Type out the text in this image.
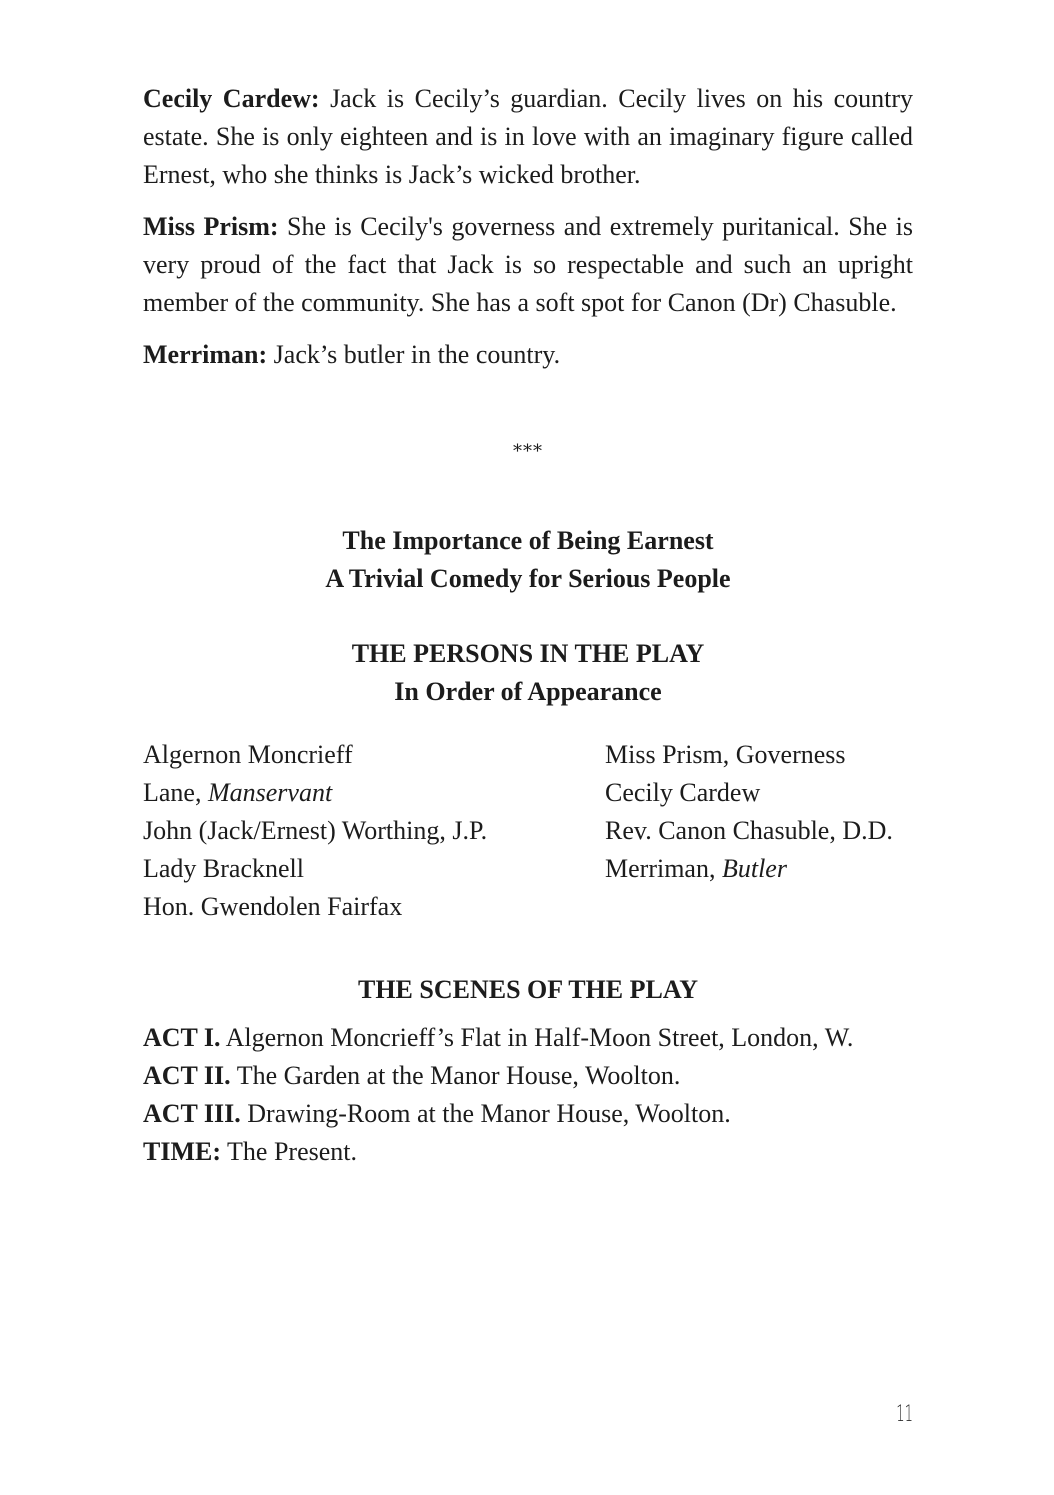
Cecily Cardew: Jack is Cecily’s guardian. Cecily lives on his country estate. She is only eighteen and is in love with an imaginary figure called Ernest, who she thinks is Jack’s wicked brother.

Miss Prism: She is Cecily's governess and extremely puritanical. She is very proud of the fact that Jack is so respectable and such an upright member of the community. She has a soft spot for Canon (Dr) Chasuble.

Merriman: Jack’s butler in the country.

***
The Importance of Being Earnest
A Trivial Comedy for Serious People
THE PERSONS IN THE PLAY
In Order of Appearance
Algernon Moncrieff
Lane, Manservant
John (Jack/Ernest) Worthing, J.P.
Lady Bracknell
Hon. Gwendolen Fairfax
Miss Prism, Governess
Cecily Cardew
Rev. Canon Chasuble, D.D.
Merriman, Butler
THE SCENES OF THE PLAY
ACT I. Algernon Moncrieff’s Flat in Half-Moon Street, London, W.
ACT II. The Garden at the Manor House, Woolton.
ACT III. Drawing-Room at the Manor House, Woolton.
TIME: The Present.
11
